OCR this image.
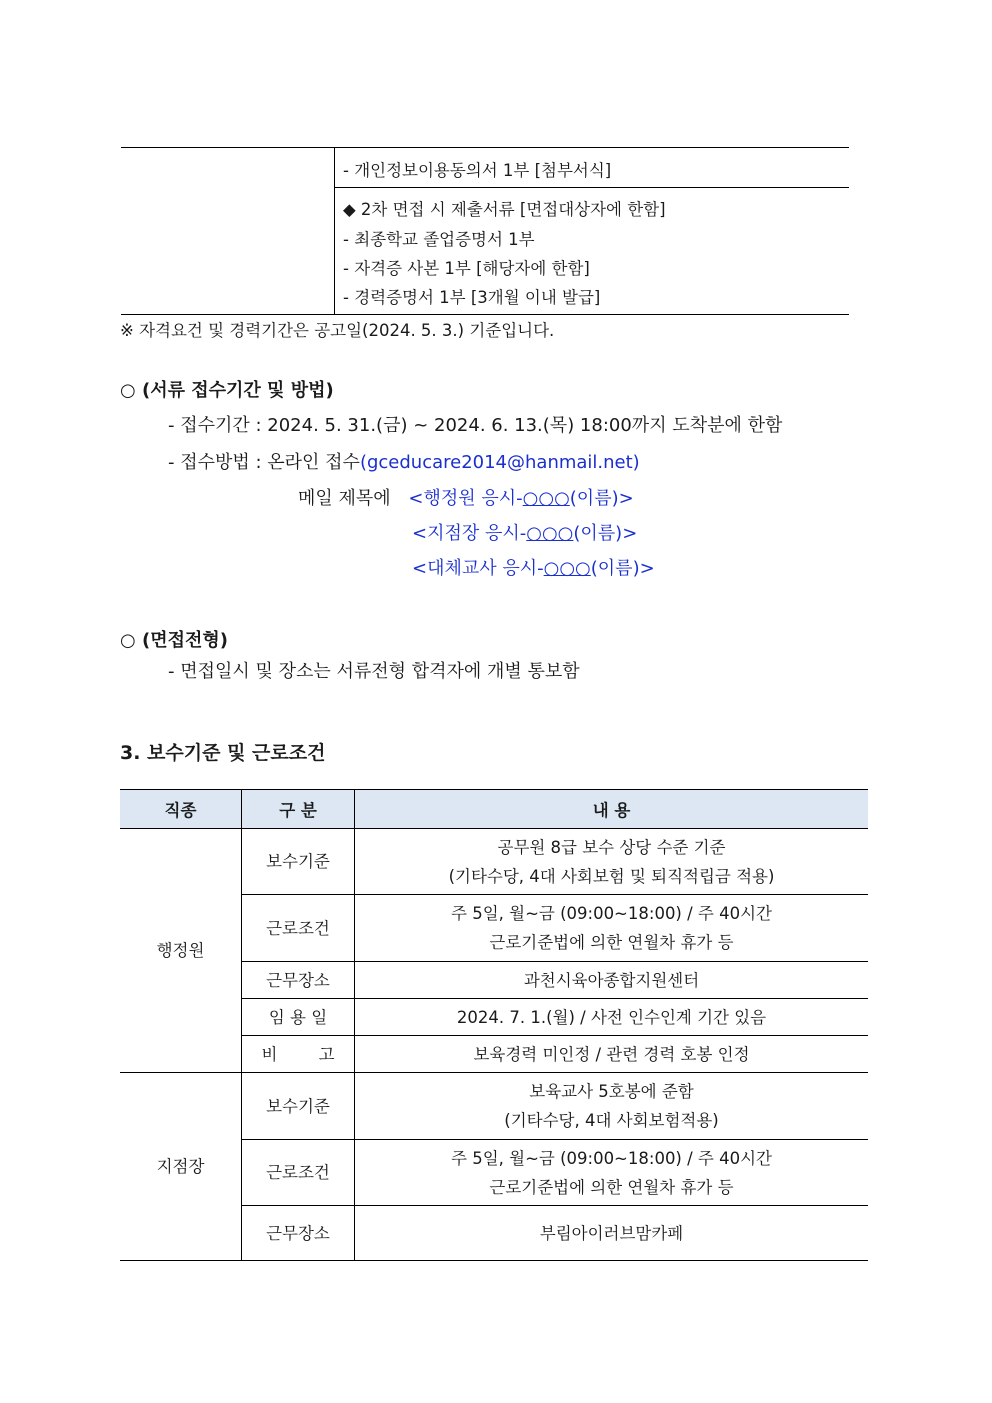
- 개인정보이용동의서 1부 [첨부서식]
◆ 2차 면접 시 제출서류 [면접대상자에 한함]
- 최종학교 졸업증명서 1부
- 자격증 사본 1부 [해당자에 한함]
- 경력증명서 1부 [3개월 이내 발급]
※ 자격요건 및 경력기간은 공고일(2024. 5. 3.) 기준입니다.
○ (서류 접수기간 및 방법)
- 접수기간 : 2024. 5. 31.(금) ~ 2024. 6. 13.(목) 18:00까지 도착분에 한함
- 접수방법 : 온라인 접수(gceducare2014@hanmail.net)
메일 제목에 <행정원 응시-○○○(이름)>
<지점장 응시-○○○(이름)>
<대체교사 응시-○○○(이름)>
○ (면접전형)
- 면접일시 및 장소는 서류전형 합격자에 개별 통보함
3. 보수기준 및 근로조건
직종	구 분	내 용
행정원	보수기준	공무원 8급 보수 상당 수준 기준
(기타수당, 4대 사회보험 및 퇴직적립금 적용)

	근로조건	주 5일, 월~금 (09:00~18:00) / 주 40시간
근로기준법에 의한 연월차 휴가 등

	근무장소	과천시육아종합지원센터
	임 용 일	2024. 7. 1.(월) / 사전 인수인계 기간 있음
	비 고	보육경력 미인정 / 관련 경력 호봉 인정
지점장	보수기준	보육교사 5호봉에 준함
(기타수당, 4대 사회보험적용)

	근로조건	주 5일, 월~금 (09:00~18:00) / 주 40시간
근로기준법에 의한 연월차 휴가 등

	근무장소	부림아이러브맘카페
